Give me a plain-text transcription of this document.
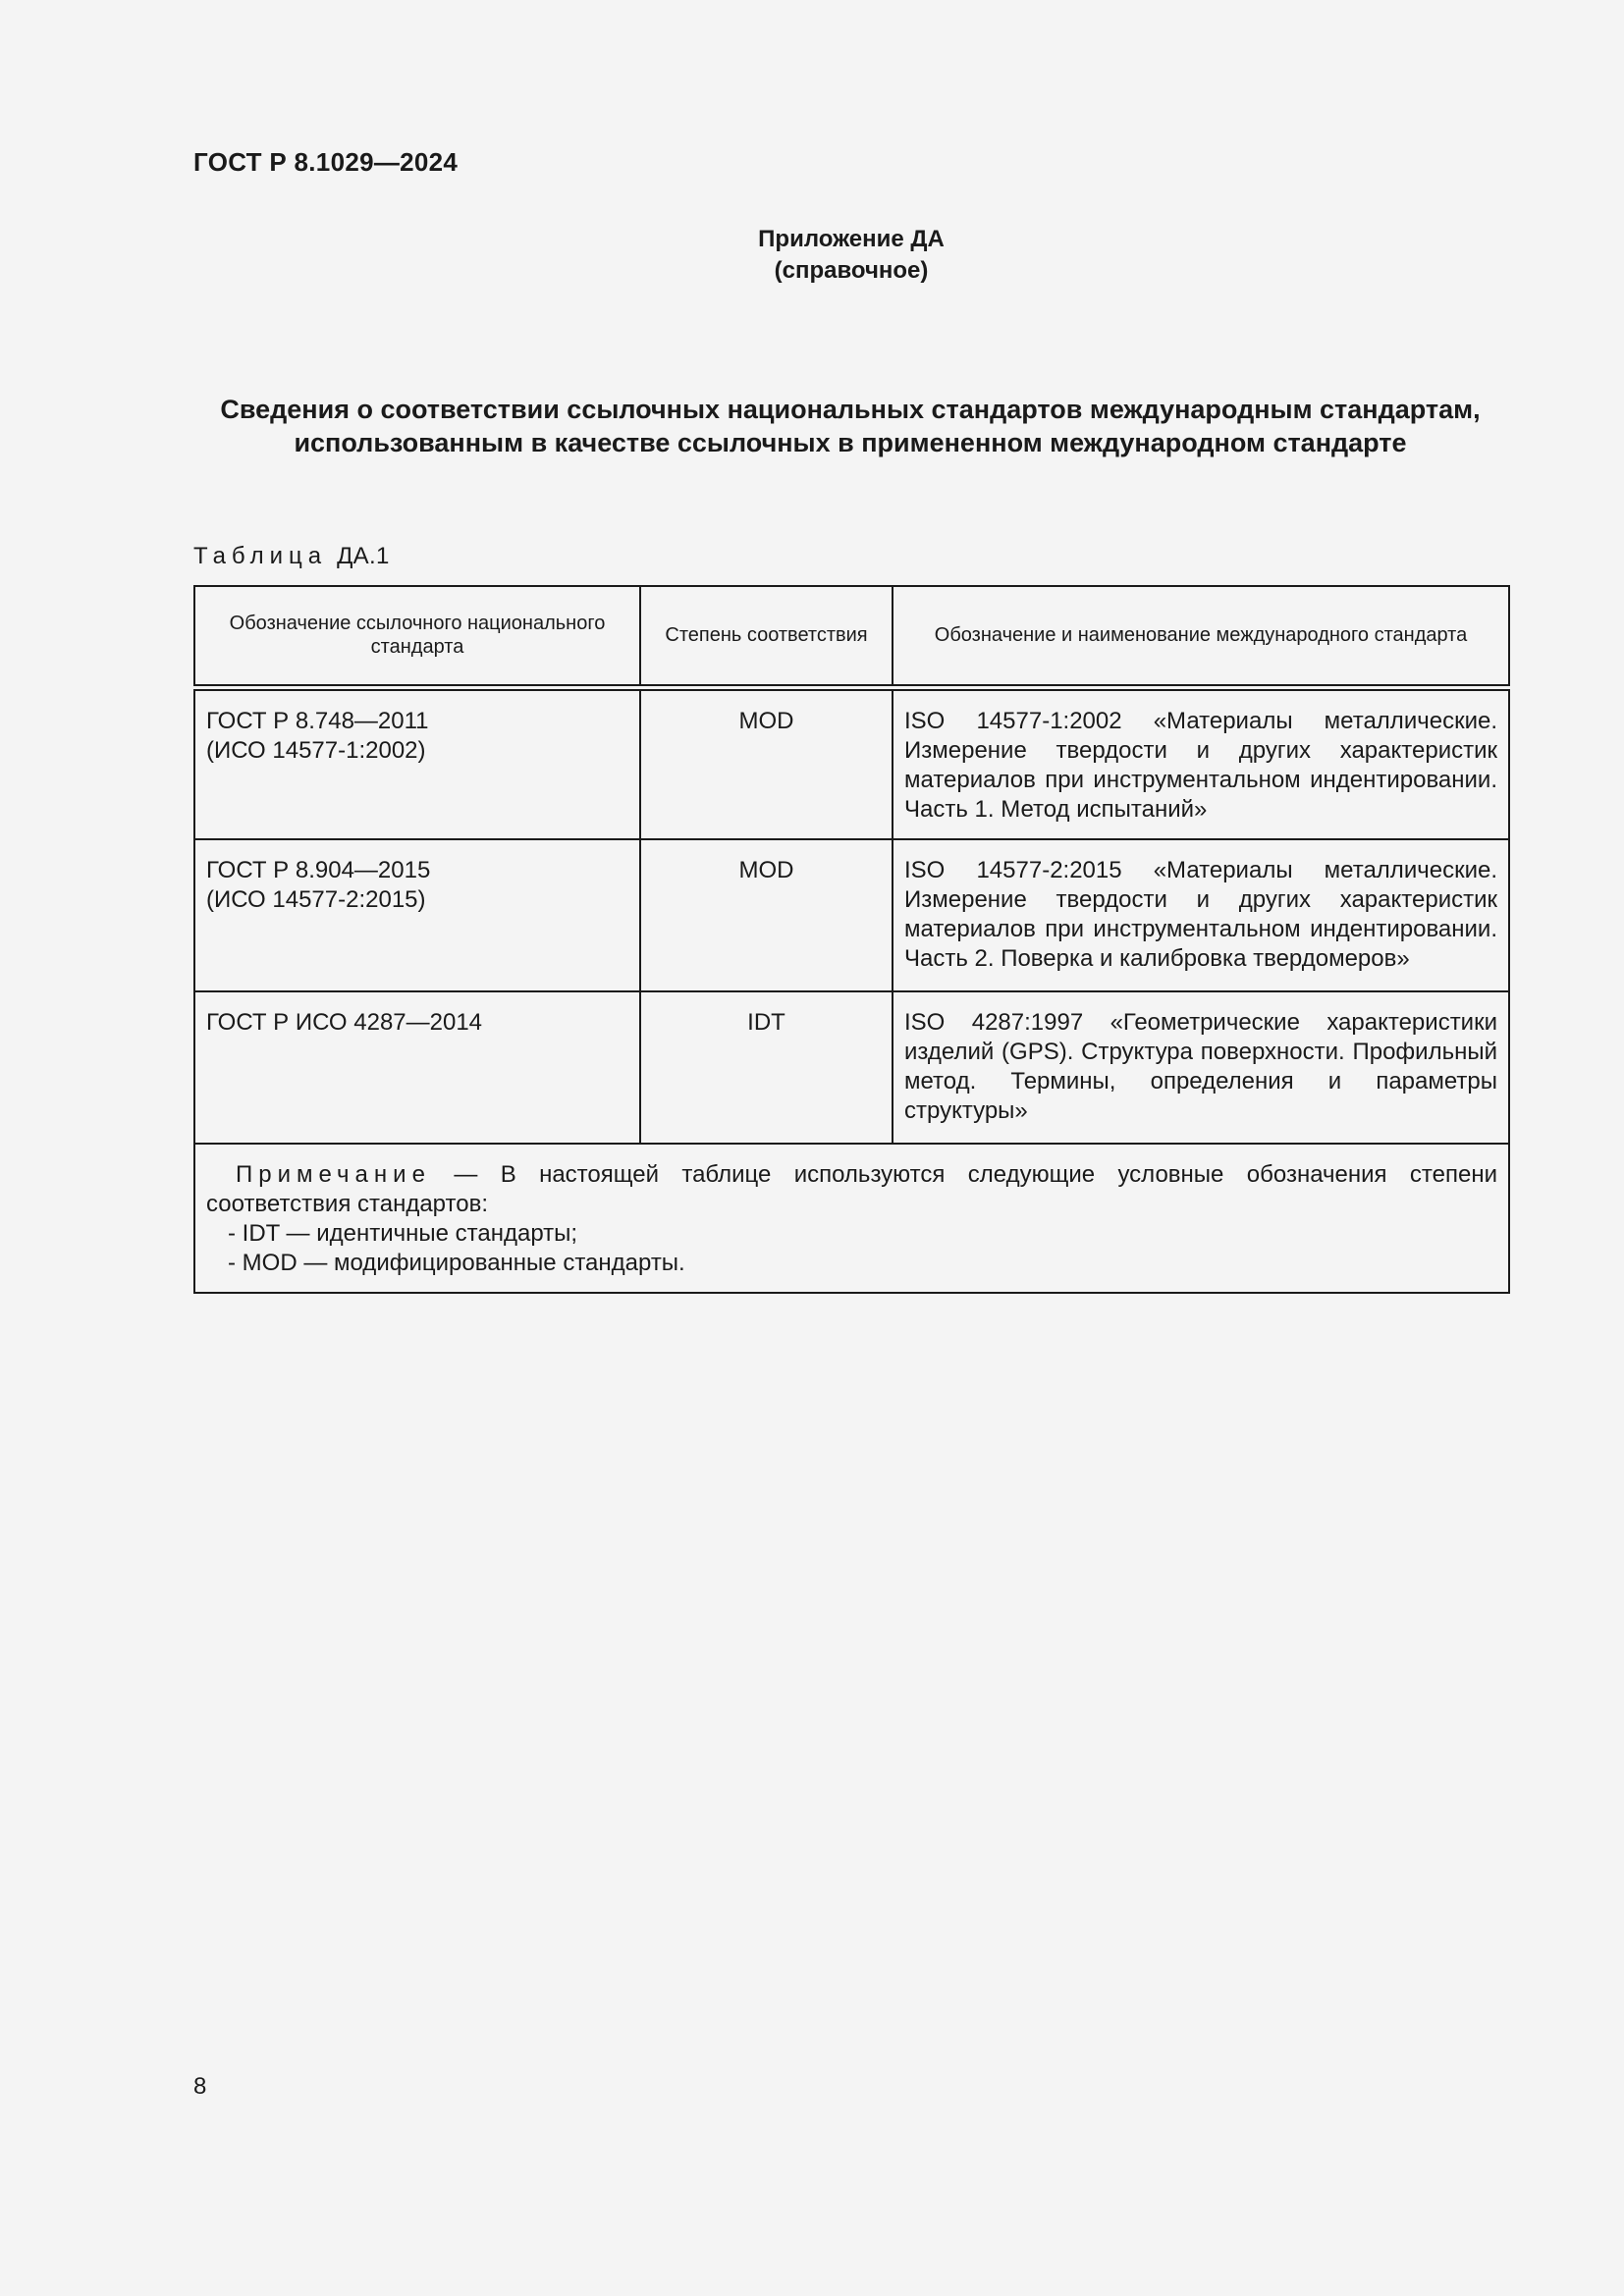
ГОСТ Р 8.1029—2024
Приложение ДА
(справочное)
Сведения о соответствии ссылочных национальных стандартов международным стандартам,
использованным в качестве ссылочных в примененном международном стандарте
Таблица ДА.1
Обозначение ссылочного национального стандарта	Степень соответствия	Обозначение и наименование международного стандарта

ГОСТ Р 8.748—2011
(ИСО 14577-1:2002)	MOD	ISO 14577-1:2002 «Материалы металлические. Измерение твердости и других характеристик материалов при инструментальном индентировании. Часть 1. Метод испытаний»

ГОСТ Р 8.904—2015
(ИСО 14577-2:2015)	MOD	ISO 14577-2:2015 «Материалы металлические. Измерение твердости и других характеристик материалов при инструментальном индентировании. Часть 2. Поверка и калибровка твердомеров»

ГОСТ Р ИСО 4287—2014	IDT	ISO 4287:1997 «Геометрические характеристики изделий (GPS). Структура поверхности. Профильный метод. Термины, определения и параметры структуры»

Примечание — В настоящей таблице используются следующие условные обозначения степени соответствия стандартов:
- IDT — идентичные стандарты;
- MOD — модифицированные стандарты.		
8
